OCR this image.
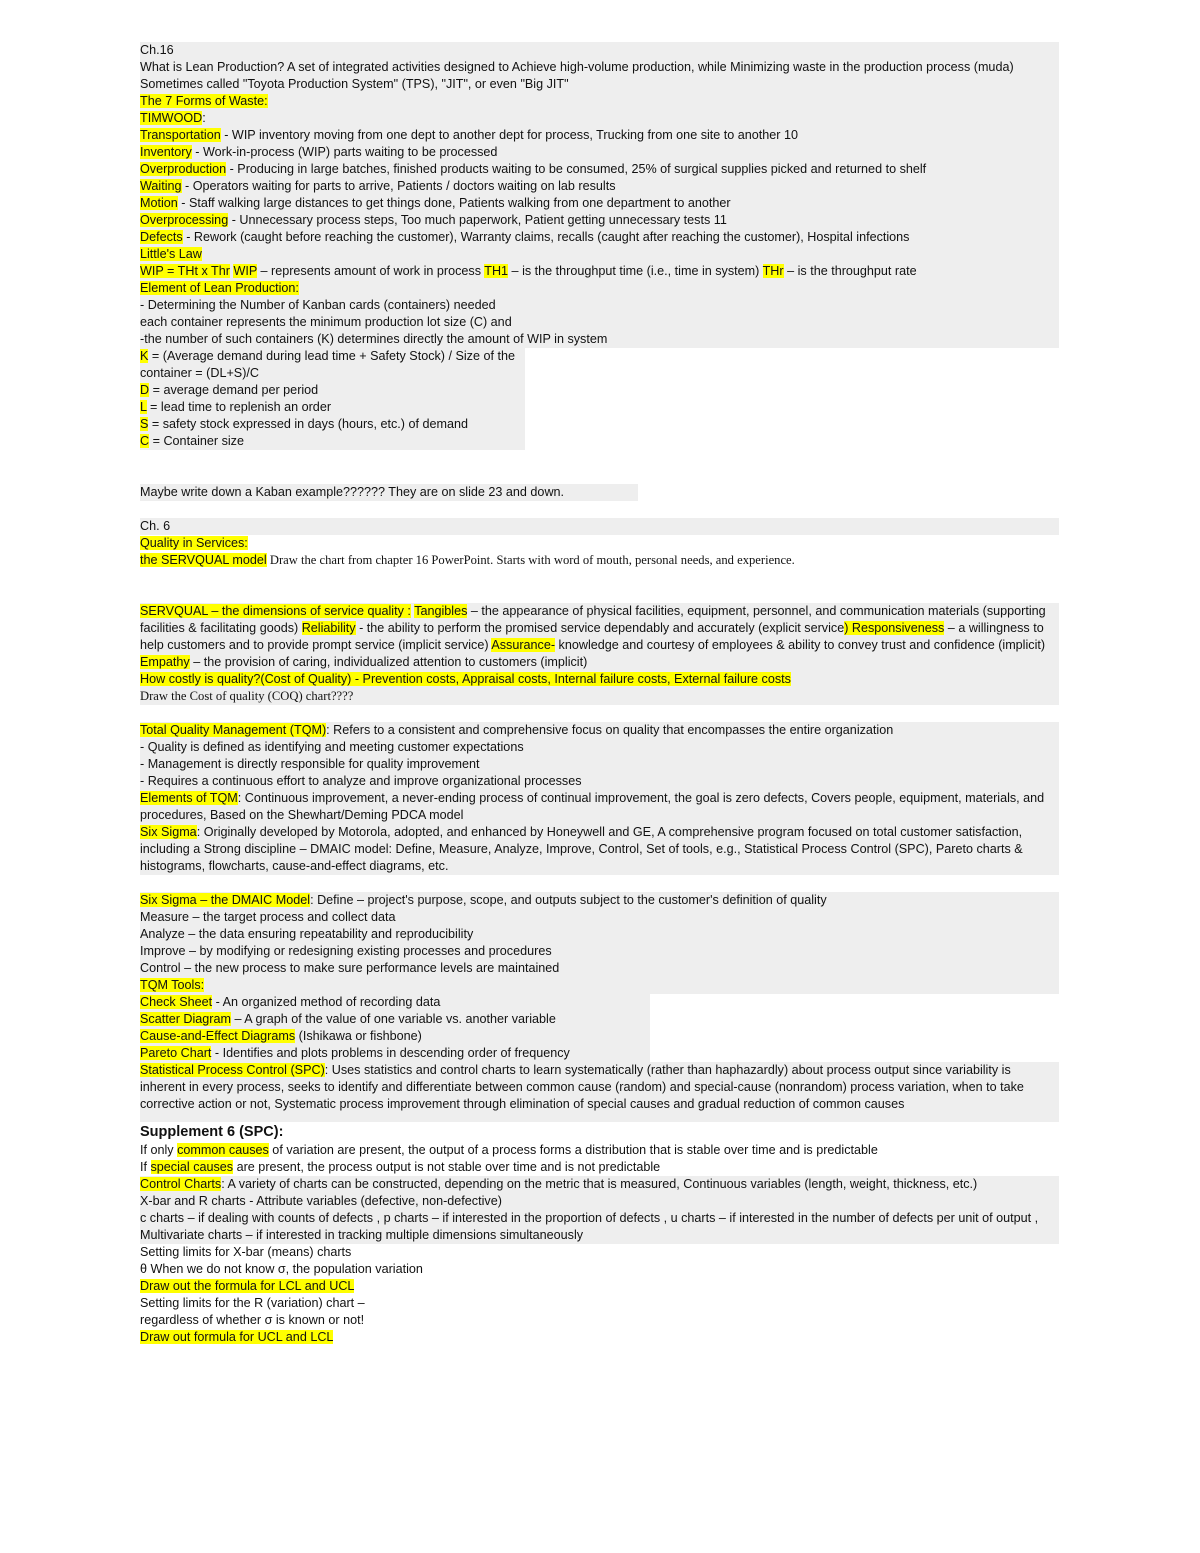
Ch.16
What is Lean Production? A set of integrated activities designed to Achieve high-volume production, while Minimizing waste in the production process (muda) Sometimes called "Toyota Production System" (TPS), "JIT", or even "Big JIT"
The 7 Forms of Waste:
TIMWOOD:
Transportation - WIP inventory moving from one dept to another dept for process, Trucking from one site to another 10
Inventory - Work-in-process (WIP) parts waiting to be processed
Overproduction - Producing in large batches, finished products waiting to be consumed, 25% of surgical supplies picked and returned to shelf
Waiting - Operators waiting for parts to arrive, Patients / doctors waiting on lab results
Motion - Staff walking large distances to get things done, Patients walking from one department to another
Overprocessing - Unnecessary process steps, Too much paperwork, Patient getting unnecessary tests 11
Defects - Rework (caught before reaching the customer), Warranty claims, recalls (caught after reaching the customer), Hospital infections
Little's Law
WIP = THt x Thr WIP – represents amount of work in process TH1 – is the throughput time (i.e., time in system) THr – is the throughput rate
Element of Lean Production:
- Determining the Number of Kanban cards (containers) needed
each container represents the minimum production lot size (C) and
-the number of such containers (K) determines directly the amount of WIP in system
K = (Average demand during lead time + Safety Stock) / Size of the container = (DL+S)/C
D = average demand per period
L = lead time to replenish an order
S = safety stock expressed in days (hours, etc.) of demand
C = Container size
Maybe write down a Kaban example?????? They are on slide 23 and down.
Ch. 6
Quality in Services:
the SERVQUAL model Draw the chart from chapter 16 PowerPoint. Starts with word of mouth, personal needs, and experience.
SERVQUAL – the dimensions of service quality : Tangibles – the appearance of physical facilities, equipment, personnel, and communication materials (supporting facilities & facilitating goods) Reliability - the ability to perform the promised service dependably and accurately (explicit service) Responsiveness – a willingness to help customers and to provide prompt service (implicit service) Assurance- knowledge and courtesy of employees & ability to convey trust and confidence (implicit) Empathy – the provision of caring, individualized attention to customers (implicit)
How costly is quality?(Cost of Quality) - Prevention costs, Appraisal costs, Internal failure costs, External failure costs
Draw the Cost of quality (COQ) chart????
Total Quality Management (TQM): Refers to a consistent and comprehensive focus on quality that encompasses the entire organization
- Quality is defined as identifying and meeting customer expectations
- Management is directly responsible for quality improvement
- Requires a continuous effort to analyze and improve organizational processes
Elements of TQM: Continuous improvement, a never-ending process of continual improvement, the goal is zero defects, Covers people, equipment, materials, and procedures, Based on the Shewhart/Deming PDCA model
Six Sigma: Originally developed by Motorola, adopted, and enhanced by Honeywell and GE, A comprehensive program focused on total customer satisfaction, including a Strong discipline – DMAIC model: Define, Measure, Analyze, Improve, Control, Set of tools, e.g., Statistical Process Control (SPC), Pareto charts & histograms, flowcharts, cause-and-effect diagrams, etc.
Six Sigma – the DMAIC Model: Define – project's purpose, scope, and outputs subject to the customer's definition of quality
Measure – the target process and collect data
Analyze – the data ensuring repeatability and reproducibility
Improve – by modifying or redesigning existing processes and procedures
Control – the new process to make sure performance levels are maintained
TQM Tools:
Check Sheet - An organized method of recording data
Scatter Diagram – A graph of the value of one variable vs. another variable
Cause-and-Effect Diagrams (Ishikawa or fishbone)
Pareto Chart - Identifies and plots problems in descending order of frequency
Statistical Process Control (SPC): Uses statistics and control charts to learn systematically (rather than haphazardly) about process output since variability is inherent in every process, seeks to identify and differentiate between common cause (random) and special-cause (nonrandom) process variation, when to take corrective action or not, Systematic process improvement through elimination of special causes and gradual reduction of common causes
Supplement 6 (SPC):
If only common causes of variation are present, the output of a process forms a distribution that is stable over time and is predictable
If special causes are present, the process output is not stable over time and is not predictable
Control Charts: A variety of charts can be constructed, depending on the metric that is measured, Continuous variables (length, weight, thickness, etc.)
X-bar and R charts - Attribute variables (defective, non-defective)
c charts – if dealing with counts of defects , p charts – if interested in the proportion of defects , u charts – if interested in the number of defects per unit of output , Multivariate charts – if interested in tracking multiple dimensions simultaneously
Setting limits for X-bar (means) charts
θ When we do not know σ, the population variation
Draw out the formula for LCL and UCL
Setting limits for the R (variation) chart –
regardless of whether σ is known or not!
Draw out formula for UCL and LCL
